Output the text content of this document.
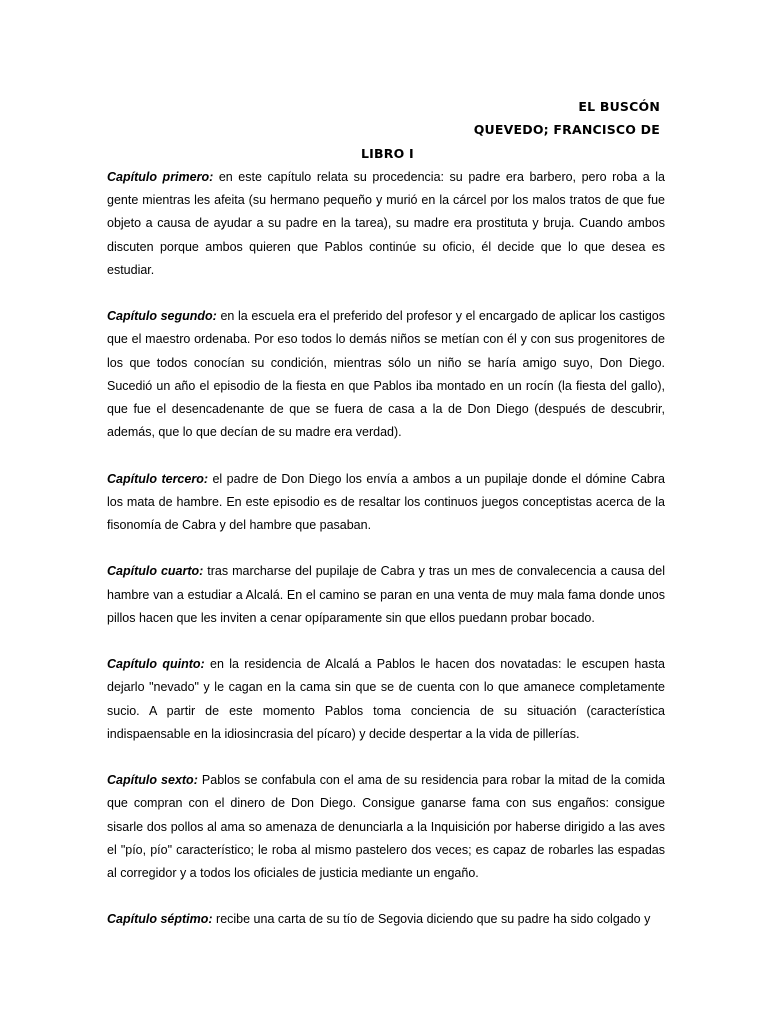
EL BUSCÓN
QUEVEDO; FRANCISCO DE
LIBRO I

Capítulo primero: en este capítulo relata su procedencia: su padre era barbero, pero roba a la gente mientras les afeita (su hermano pequeño y murió en la cárcel por los malos tratos de que fue objeto a causa de ayudar a su padre en la tarea), su madre era prostituta y bruja. Cuando ambos discuten porque ambos quieren que Pablos continúe su oficio, él decide que lo que desea es estudiar.

Capítulo segundo: en la escuela era el preferido del profesor y el encargado de aplicar los castigos que el maestro ordenaba. Por eso todos lo demás niños se metían con él y con sus progenitores de los que todos conocían su condición, mientras sólo un niño se haría amigo suyo, Don Diego. Sucedió un año el episodio de la fiesta en que Pablos iba montado en un rocín (la fiesta del gallo), que fue el desencadenante de que se fuera de casa a la de Don Diego (después de descubrir, además, que lo que decían de su madre era verdad).

Capítulo tercero: el padre de Don Diego los envía a ambos a un pupilaje donde el dómine Cabra los mata de hambre. En este episodio es de resaltar los continuos juegos conceptistas acerca de la fisonomía de Cabra y del hambre que pasaban.

Capítulo cuarto: tras marcharse del pupilaje de Cabra y tras un mes de convalecencia a causa del hambre van a estudiar a Alcalá. En el camino se paran en una venta de muy mala fama donde unos pillos hacen que les inviten a cenar opíparamente sin que ellos puedann probar bocado.

Capítulo quinto: en la residencia de Alcalá a Pablos le hacen dos novatadas: le escupen hasta dejarlo "nevado" y le cagan en la cama sin que se de cuenta con lo que amanece completamente sucio. A partir de este momento Pablos toma conciencia de su situación (característica indispaensable en la idiosincrasia del pícaro) y decide despertar a la vida de pillerías.

Capítulo sexto: Pablos se confabula con el ama de su residencia para robar la mitad de la comida que compran con el dinero de Don Diego. Consigue ganarse fama con sus engaños: consigue sisarle dos pollos al ama so amenaza de denunciarla a la Inquisición por haberse dirigido a las aves el "pío, pío" característico; le roba al mismo pastelero dos veces; es capaz de robarles las espadas al corregidor y a todos los oficiales de justicia mediante un engaño.

Capítulo séptimo: recibe una carta de su tío de Segovia diciendo que su padre ha sido colgado y
